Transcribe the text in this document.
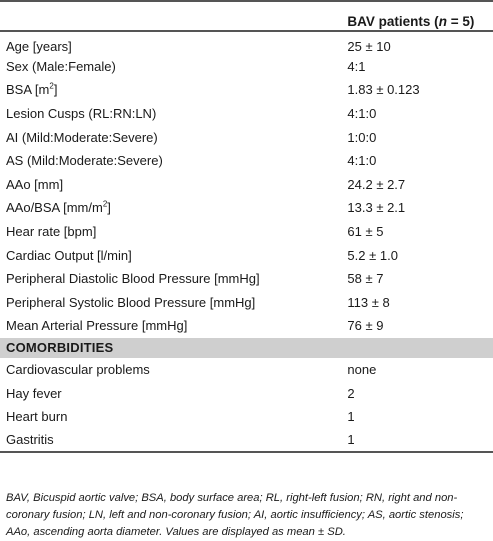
	BAV patients (n = 5)
Age [years]	25 ± 10
Sex (Male:Female)	4:1
BSA $[m^2]$	1.83 ± 0.123
Lesion Cusps (RL:RN:LN)	4:1:0
AI (Mild:Moderate:Severe)	1:0:0
AS (Mild:Moderate:Severe)	4:1:0
AAo [mm]	24.2 ± 2.7
AAo/BSA $[mm/m^2]$	13.3 ± 2.1
Hear rate [bpm]	61 ± 5
Cardiac Output [l/min]	5.2 ± 1.0
Peripheral Diastolic Blood Pressure [mmHg]	58 ± 7
Peripheral Systolic Blood Pressure [mmHg]	113 ± 8
Mean Arterial Pressure [mmHg]	76 ± 9
COMORBIDITIES	
Cardiovascular problems	none
Hay fever	2
Heart burn	1
Gastritis	1
BAV, Bicuspid aortic valve; BSA, body surface area; RL, right-left fusion; RN, right and non-coronary fusion; LN, left and non-coronary fusion; AI, aortic insufficiency; AS, aortic stenosis; AAo, ascending aorta diameter. Values are displayed as mean ± SD.
